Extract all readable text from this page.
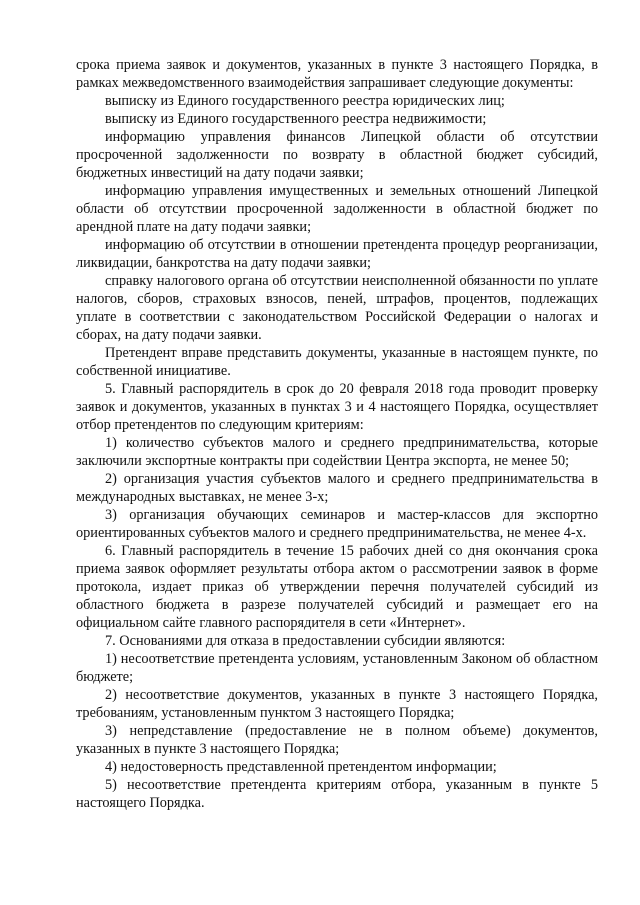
срока приема заявок и документов, указанных в пункте 3 настоящего Порядка, в рамках межведомственного взаимодействия запрашивает следующие документы:

выписку из Единого государственного реестра юридических лиц;

выписку из Единого государственного реестра недвижимости;

информацию управления финансов Липецкой области об отсутствии просроченной задолженности по возврату в областной бюджет субсидий, бюджетных инвестиций на дату подачи заявки;

информацию управления имущественных и земельных отношений Липецкой области об отсутствии просроченной задолженности в областной бюджет по арендной плате на дату подачи заявки;

информацию об отсутствии в отношении претендента процедур реорганизации, ликвидации, банкротства на дату подачи заявки;

справку налогового органа об отсутствии неисполненной обязанности по уплате налогов, сборов, страховых взносов, пеней, штрафов, процентов, подлежащих уплате в соответствии с законодательством Российской Федерации о налогах и сборах, на дату подачи заявки.

Претендент вправе представить документы, указанные в настоящем пункте, по собственной инициативе.

5. Главный распорядитель в срок до 20 февраля 2018 года проводит проверку заявок и документов, указанных в пунктах 3 и 4 настоящего Порядка, осуществляет отбор претендентов по следующим критериям:

1) количество субъектов малого и среднего предпринимательства, которые заключили экспортные контракты при содействии Центра экспорта, не менее 50;

2) организация участия субъектов малого и среднего предпринимательства в международных выставках, не менее 3-х;

3) организация обучающих семинаров и мастер-классов для экспортно ориентированных субъектов малого и среднего предпринимательства, не менее 4-х.

6. Главный распорядитель в течение 15 рабочих дней со дня окончания срока приема заявок оформляет результаты отбора актом о рассмотрении заявок в форме протокола, издает приказ об утверждении перечня получателей субсидий из областного бюджета в разрезе получателей субсидий и размещает его на официальном сайте главного распорядителя в сети «Интернет».

7. Основаниями для отказа в предоставлении субсидии являются:

1) несоответствие претендента условиям, установленным Законом об областном бюджете;

2) несоответствие документов, указанных в пункте 3 настоящего Порядка, требованиям, установленным пунктом 3 настоящего Порядка;

3) непредставление (предоставление не в полном объеме) документов, указанных в пункте 3 настоящего Порядка;

4) недостоверность представленной претендентом информации;

5) несоответствие претендента критериям отбора, указанным в пункте 5 настоящего Порядка.
